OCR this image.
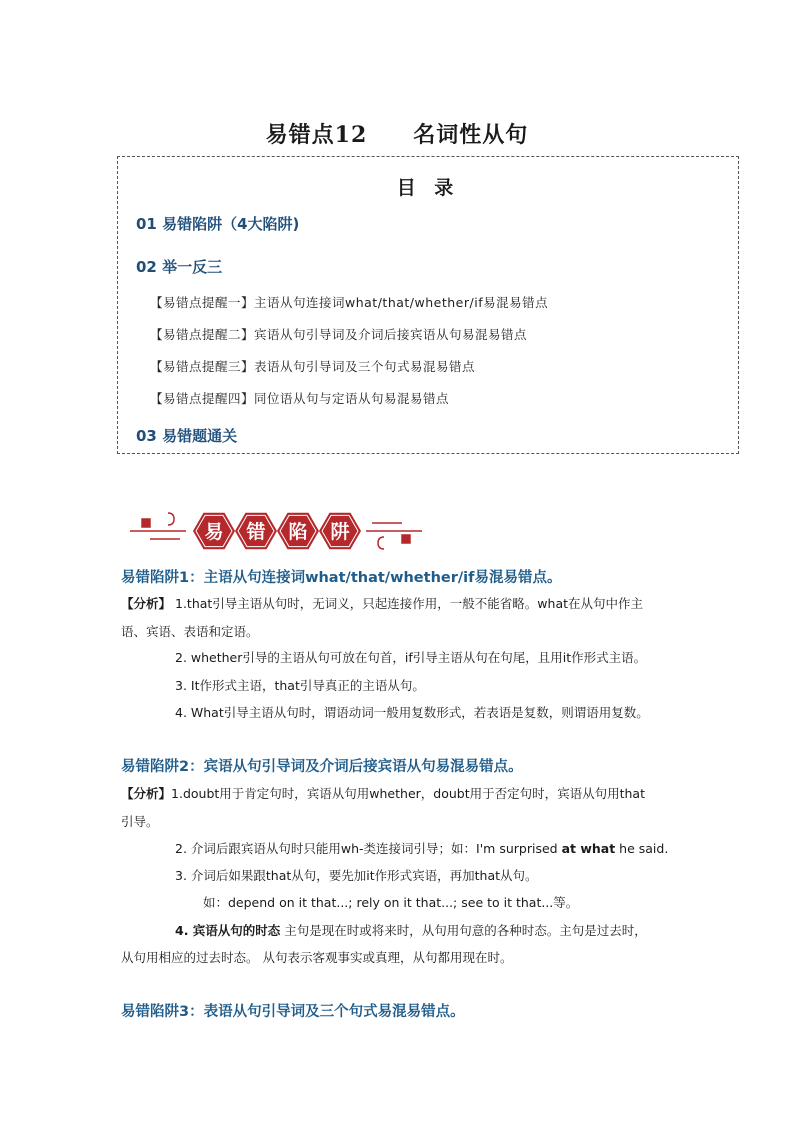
易错点12 名词性从句
目 录
01 易错陷阱（4大陷阱)
02 举一反三
【易错点提醒一】主语从句连接词what/that/whether/if易混易错点
【易错点提醒二】宾语从句引导词及介词后接宾语从句易混易错点
【易错点提醒三】表语从句引导词及三个句式易混易错点
【易错点提醒四】同位语从句与定语从句易混易错点
03 易错题通关
易 错 陷 阱
易错陷阱1：主语从句连接词what/that/whether/if易混易错点。
【分析】 1.that引导主语从句时，无词义，只起连接作用，一般不能省略。what在从句中作主
语、宾语、表语和定语。
2. whether引导的主语从句可放在句首，if引导主语从句在句尾，且用it作形式主语。
3. It作形式主语，that引导真正的主语从句。
4. What引导主语从句时，谓语动词一般用复数形式，若表语是复数，则谓语用复数。
易错陷阱2：宾语从句引导词及介词后接宾语从句易混易错点。
【分析】1.doubt用于肯定句时，宾语从句用whether，doubt用于否定句时，宾语从句用that
引导。
2. 介词后跟宾语从句时只能用wh-类连接词引导；如：I'm surprised at what he said.
3. 介词后如果跟that从句，要先加it作形式宾语，再加that从句。
如：depend on it that...; rely on it that...; see to it that...等。
4. 宾语从句的时态 主句是现在时或将来时，从句用句意的各种时态。主句是过去时，
从句用相应的过去时态。 从句表示客观事实或真理，从句都用现在时。
易错陷阱3：表语从句引导词及三个句式易混易错点。
